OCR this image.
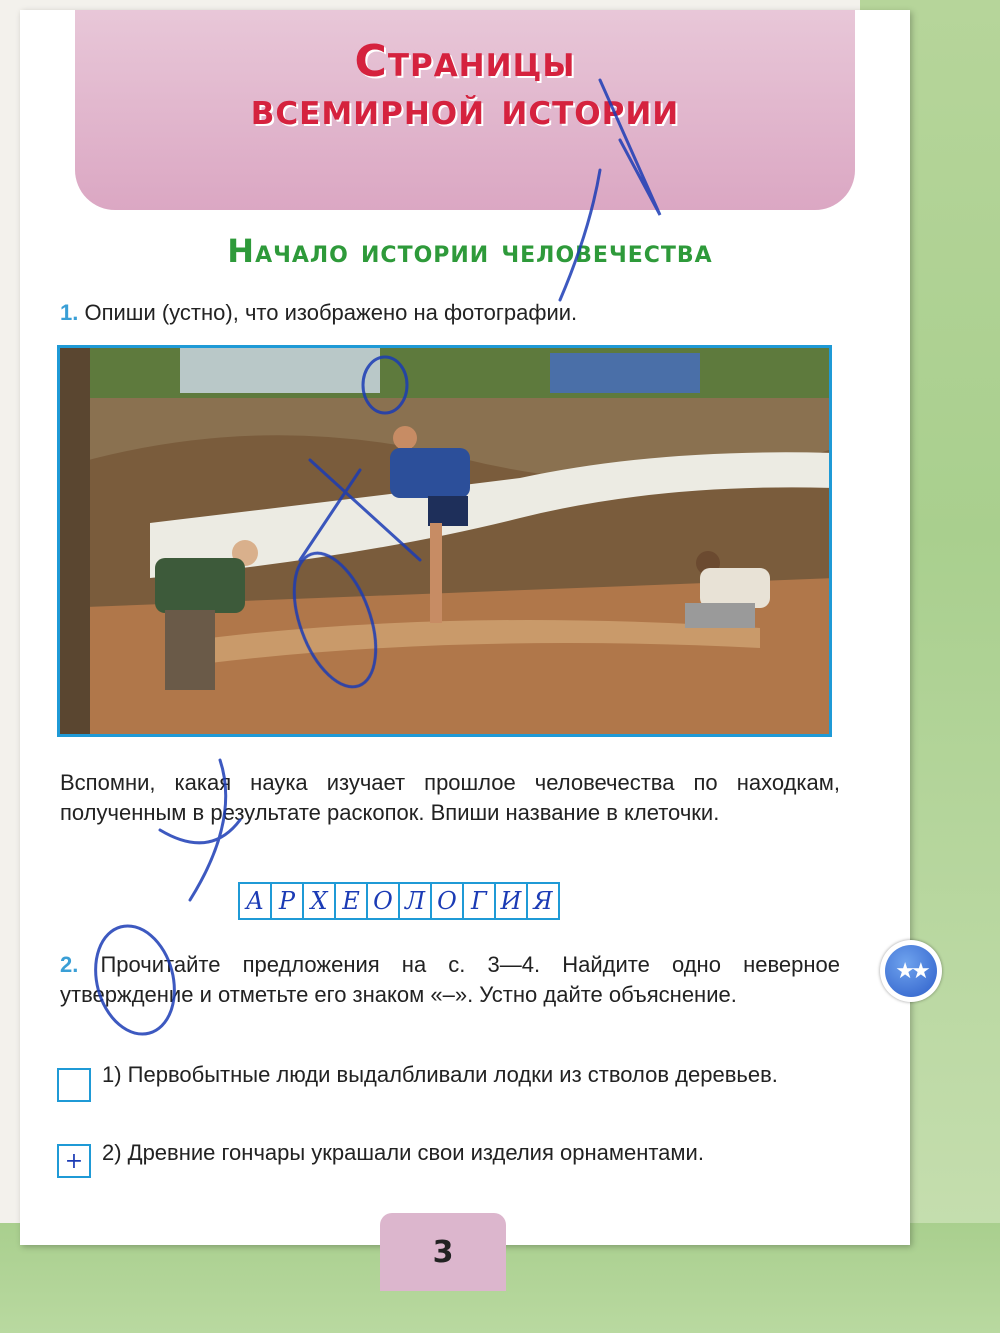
Страницы
всемирной истории
Начало истории человечества
1. Опиши (устно), что изображено на фотографии.
Вспомни, какая наука изучает прошлое человечества по находкам, полученным в результате раскопок. Впиши название в клеточки.
А Р Х Е О Л О Г И Я
2. Прочитайте предложения на с. 3—4. Найдите одно неверное утверждение и отметьте его знаком «–». Устно дайте объяснение.
1) Первобытные люди выдалбливали лодки из стволов деревьев.
+ 2) Древние гончары украшали свои изделия орнаментами.
★★
3
